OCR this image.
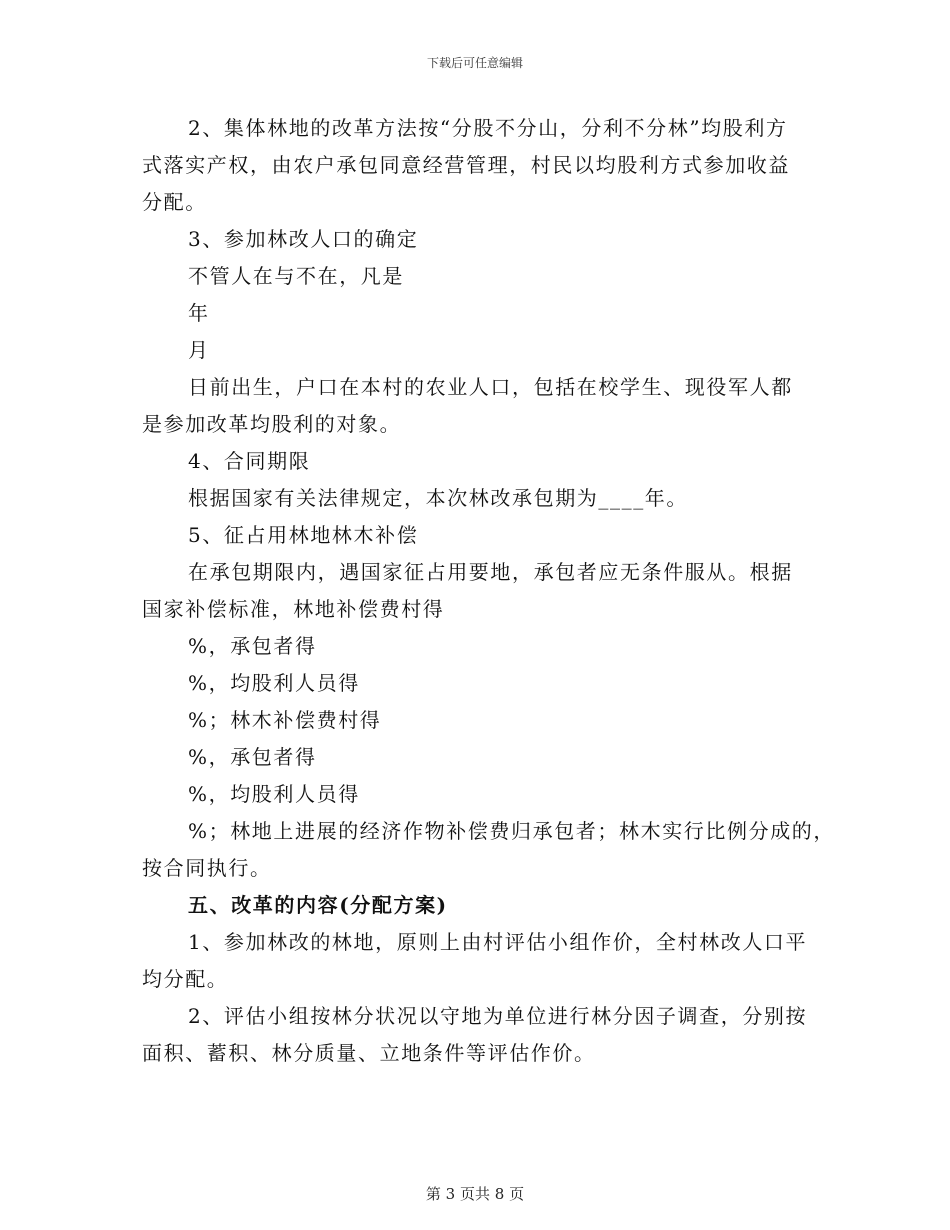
下载后可任意编辑

2、集体林地的改革方法按“分股不分山，分利不分林”均股利方

式落实产权，由农户承包同意经营管理，村民以均股利方式参加收益

分配。

3、参加林改人口的确定

不管人在与不在，凡是

年

月

日前出生，户口在本村的农业人口，包括在校学生、现役军人都

是参加改革均股利的对象。

4、合同期限

根据国家有关法律规定，本次林改承包期为____年。

5、征占用林地林木补偿

在承包期限内，遇国家征占用要地，承包者应无条件服从。根据

国家补偿标准，林地补偿费村得

%，承包者得

%，均股利人员得

%；林木补偿费村得

%，承包者得

%，均股利人员得

%；林地上进展的经济作物补偿费归承包者；林木实行比例分成的，

按合同执行。

五、改革的内容(分配方案)

1、参加林改的林地，原则上由村评估小组作价，全村林改人口平

均分配。

2、评估小组按林分状况以守地为单位进行林分因子调查，分别按

面积、蓄积、林分质量、立地条件等评估作价。

第 3 页共 8 页
